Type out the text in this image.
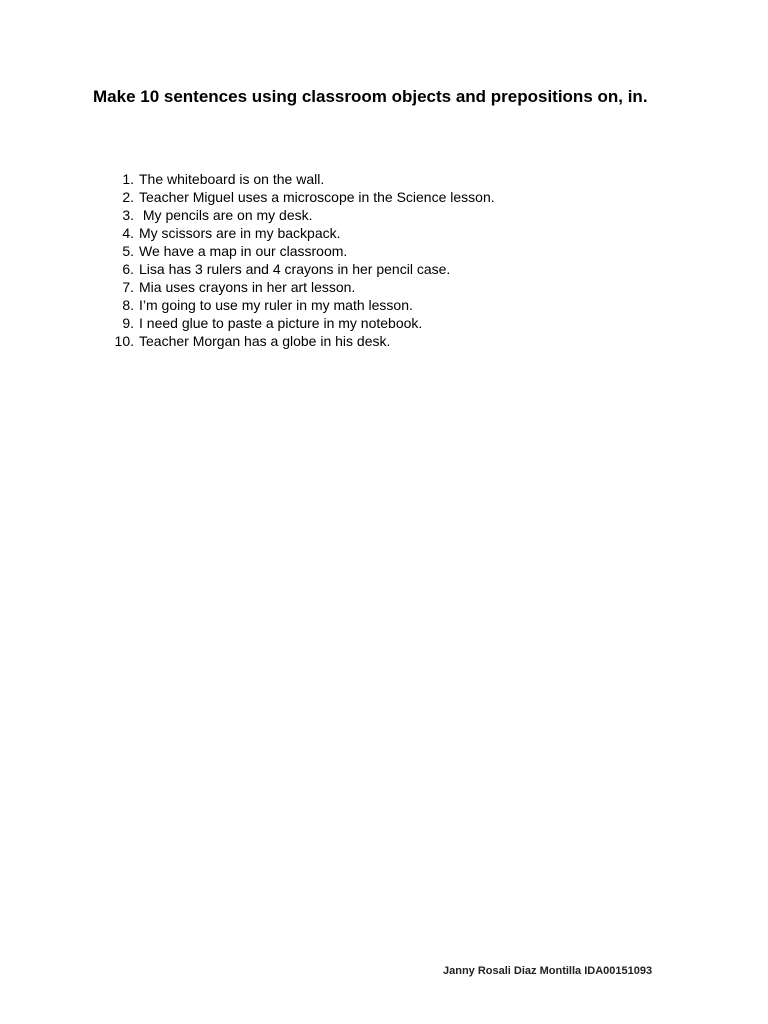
Make 10 sentences using classroom objects and prepositions on, in.
1. The whiteboard is on the wall.
2. Teacher Miguel uses a microscope in the Science lesson.
3. My pencils are on my desk.
4. My scissors are in my backpack.
5. We have a map in our classroom.
6. Lisa has 3 rulers and 4 crayons in her pencil case.
7. Mia uses crayons in her art lesson.
8. I’m going to use my ruler in my math lesson.
9. I need glue to paste a picture in my notebook.
10. Teacher Morgan has a globe in his desk.
Janny Rosali Diaz Montilla IDA00151093
